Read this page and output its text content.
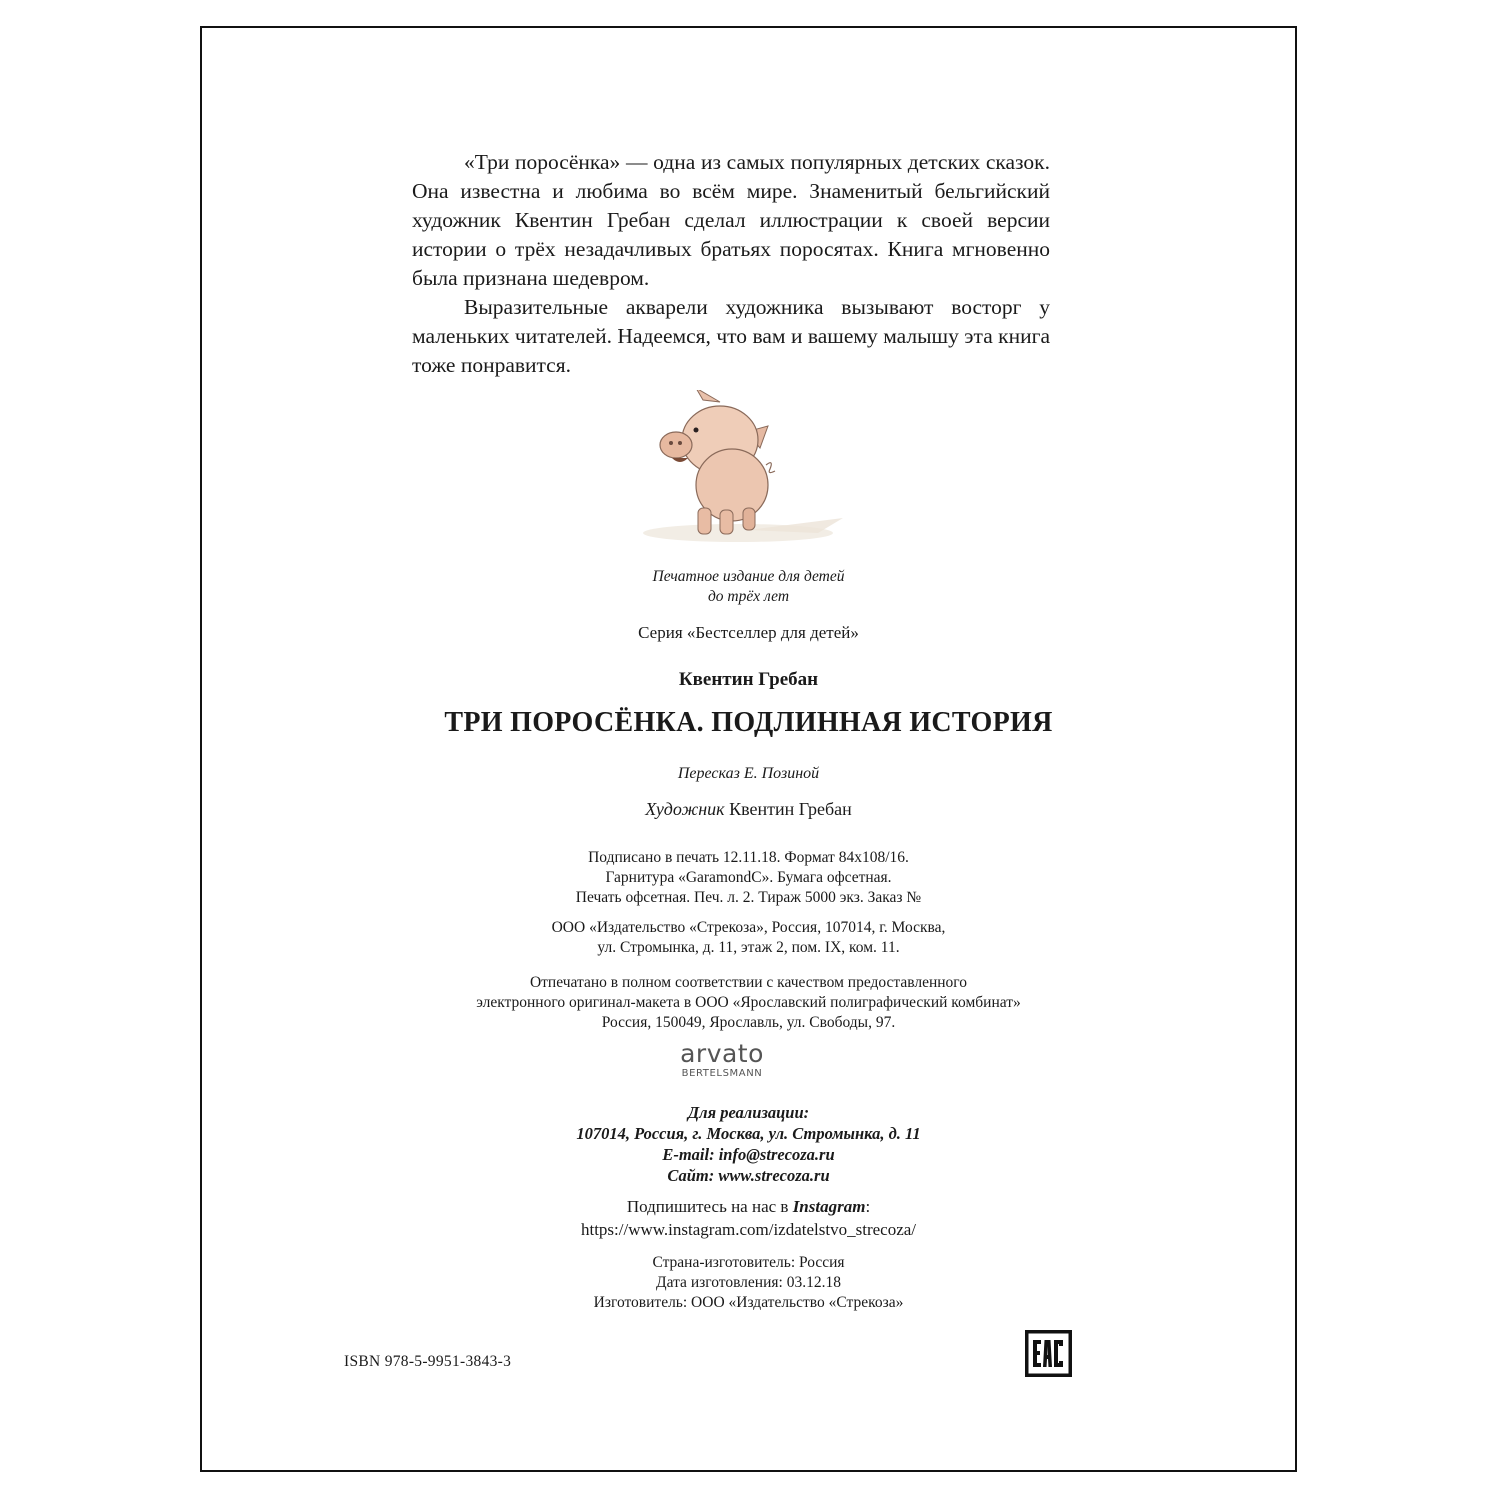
«Три поросёнка» — одна из самых популярных детских сказок. Она известна и любима во всём мире. Знаменитый бельгийский художник Квентин Гребан сделал иллюстрации к своей версии истории о трёх незадачливых братьях поросятах. Книга мгновенно была признана шедевром.

Выразительные акварели художника вызывают восторг у маленьких читателей. Надеемся, что вам и вашему малышу эта книга тоже понравится.

Печатное издание для детей
до трёх лет
Серия «Бестселлер для детей»
Квентин Гребан
ТРИ ПОРОСЁНКА. ПОДЛИННАЯ ИСТОРИЯ
Пересказ Е. Позиной
Художник Квентин Гребан
Подписано в печать 12.11.18. Формат 84х108/16.
Гарнитура «GaramondC». Бумага офсетная.
Печать офсетная. Печ. л. 2. Тираж 5000 экз. Заказ №
ООО «Издательство «Стрекоза», Россия, 107014, г. Москва,
ул. Стромынка, д. 11, этаж 2, пом. IX, ком. 11.
Отпечатано в полном соответствии с качеством предоставленного
электронного оригинал-макета в ООО «Ярославский полиграфический комбинат»
Россия, 150049, Ярославль, ул. Свободы, 97.
arvato
BERTELSMANN
Для реализации:
107014, Россия, г. Москва, ул. Стромынка, д. 11
E-mail: info@strecoza.ru
Сайт: www.strecoza.ru
Подпишитесь на нас в Instagram:
https://www.instagram.com/izdatelstvo_strecoza/
Страна-изготовитель: Россия
Дата изготовления: 03.12.18
Изготовитель: ООО «Издательство «Стрекоза»
ISBN 978-5-9951-3843-3
